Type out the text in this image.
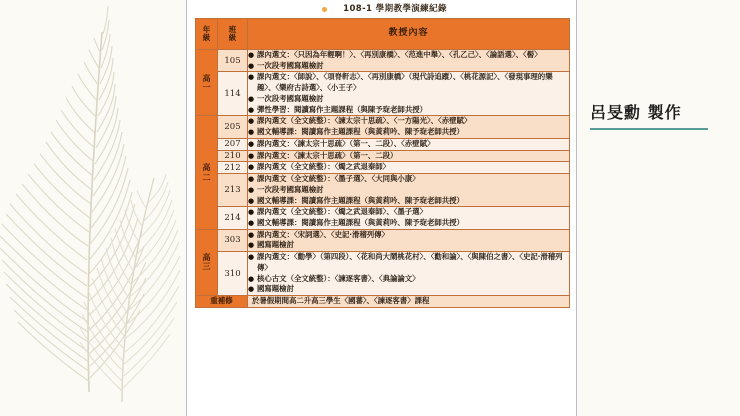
108-1 學期教學演練紀錄
年
級	班
級	教授內容

高
一
	105	
● 課內選文：〈只因為年輕啊！〉、〈再別康橋〉、〈范進中舉〉、〈孔乙己〉、〈論語選〉、〈髻〉
● 一次段考國寫題檢討

114	
● 課內選文：〈師說〉、〈項脊軒志〉、〈再別康橋〉（現代詩追蹤）、〈桃花源記〉、〈發現事理的樂趣〉、〈樂府古詩選〉、〈小王子〉
● 一次段考國寫題檢討
● 彈性學習：閱讀寫作主題課程（與陳予琁老師共授）

高
二
	205	
● 課內選文（全文統整）：〈諫太宗十思疏〉、〈一方陽光〉、〈赤壁賦〉
● 國文輔導課：閱讀寫作主題課程（與黃莉吟、陳予琁老師共授）

	207	● 課內選文：〈諫太宗十思疏〉（第一、二段）、〈赤壁賦〉

	210	● 課內選文：〈諫太宗十思疏〉（第一、二段）

	212	● 課內選文（全文統整）：〈燭之武退秦師〉

213	
● 課內選文（全文統整）：〈墨子選〉、〈大同與小康〉
● 一次段考國寫題檢討
● 國文輔導課：閱讀寫作主題課程（與黃莉吟、陳予琁老師共授）

	214	● 課內選文（全文統整）：〈燭之武退秦師〉、〈墨子選〉
● 國文輔導課：閱讀寫作主題課程（與黃莉吟、陳予琁老師共授）

高
三
	303	
● 課內選文：〈宋詞選〉、〈史記‧滑稽列傳〉
● 國寫題檢討

310	
● 課內選文：〈勸學〉（第四段）、〈花和尚大鬧桃花村〉、〈勸和論〉、〈與陳伯之書〉、〈史記‧滑稽列傳〉
● 核心古文（全文統整）：〈諫逐客書〉、〈典論論文〉
● 國寫題檢討

重補修		於暑假期間高二升高三學生〈國蕃〉、〈諫逐客書〉課程
呂旻勳 製作
